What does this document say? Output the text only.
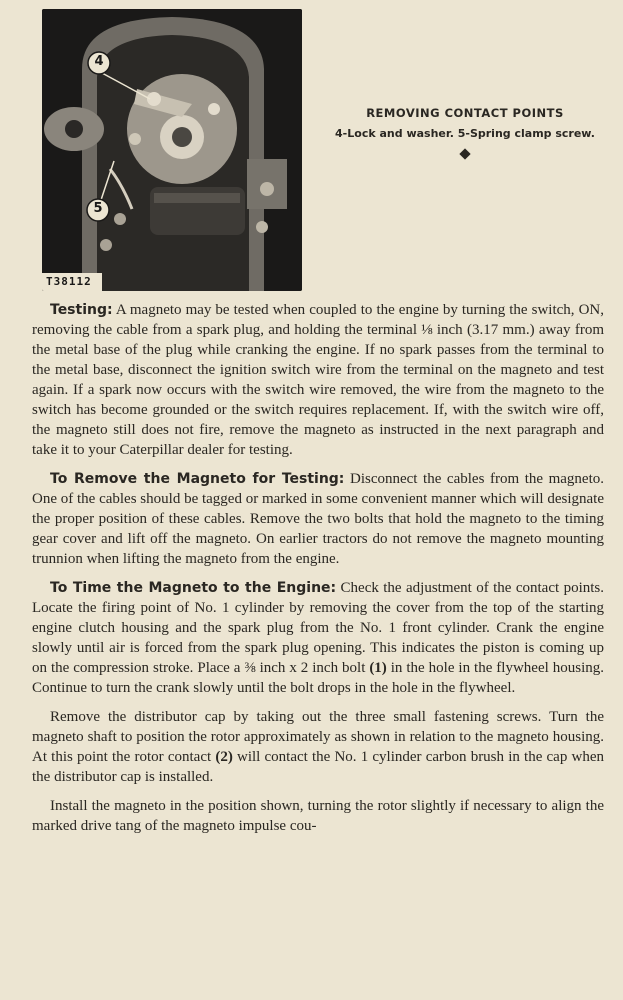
4
5
T38112

REMOVING CONTACT POINTS

4-Lock and washer. 5-Spring clamp screw.

Testing: A magneto may be tested when coupled to the engine by turning the switch, ON, removing the cable from a spark plug, and holding the terminal ⅛ inch (3.17 mm.) away from the metal base of the plug while cranking the engine. If no spark passes from the terminal to the metal base, disconnect the ignition switch wire from the terminal on the magneto and test again. If a spark now occurs with the switch wire removed, the wire from the magneto to the switch has become grounded or the switch requires replacement. If, with the switch wire off, the magneto still does not fire, remove the magneto as instructed in the next paragraph and take it to your Caterpillar dealer for testing.

To Remove the Magneto for Testing: Disconnect the cables from the magneto. One of the cables should be tagged or marked in some convenient manner which will designate the proper position of these cables. Remove the two bolts that hold the magneto to the timing gear cover and lift off the magneto. On earlier tractors do not remove the magneto mounting trunnion when lifting the magneto from the engine.

To Time the Magneto to the Engine: Check the adjustment of the contact points. Locate the firing point of No. 1 cylinder by removing the cover from the top of the starting engine clutch housing and the spark plug from the No. 1 front cylinder. Crank the engine slowly until air is forced from the spark plug opening. This indicates the piston is coming up on the compression stroke. Place a ⅜ inch x 2 inch bolt (1) in the hole in the flywheel housing. Continue to turn the crank slowly until the bolt drops in the hole in the flywheel.

Remove the distributor cap by taking out the three small fastening screws. Turn the magneto shaft to position the rotor approximately as shown in relation to the magneto housing. At this point the rotor contact (2) will contact the No. 1 cylinder carbon brush in the cap when the distributor cap is installed.

Install the magneto in the position shown, turning the rotor slightly if necessary to align the marked drive tang of the magneto impulse cou-
